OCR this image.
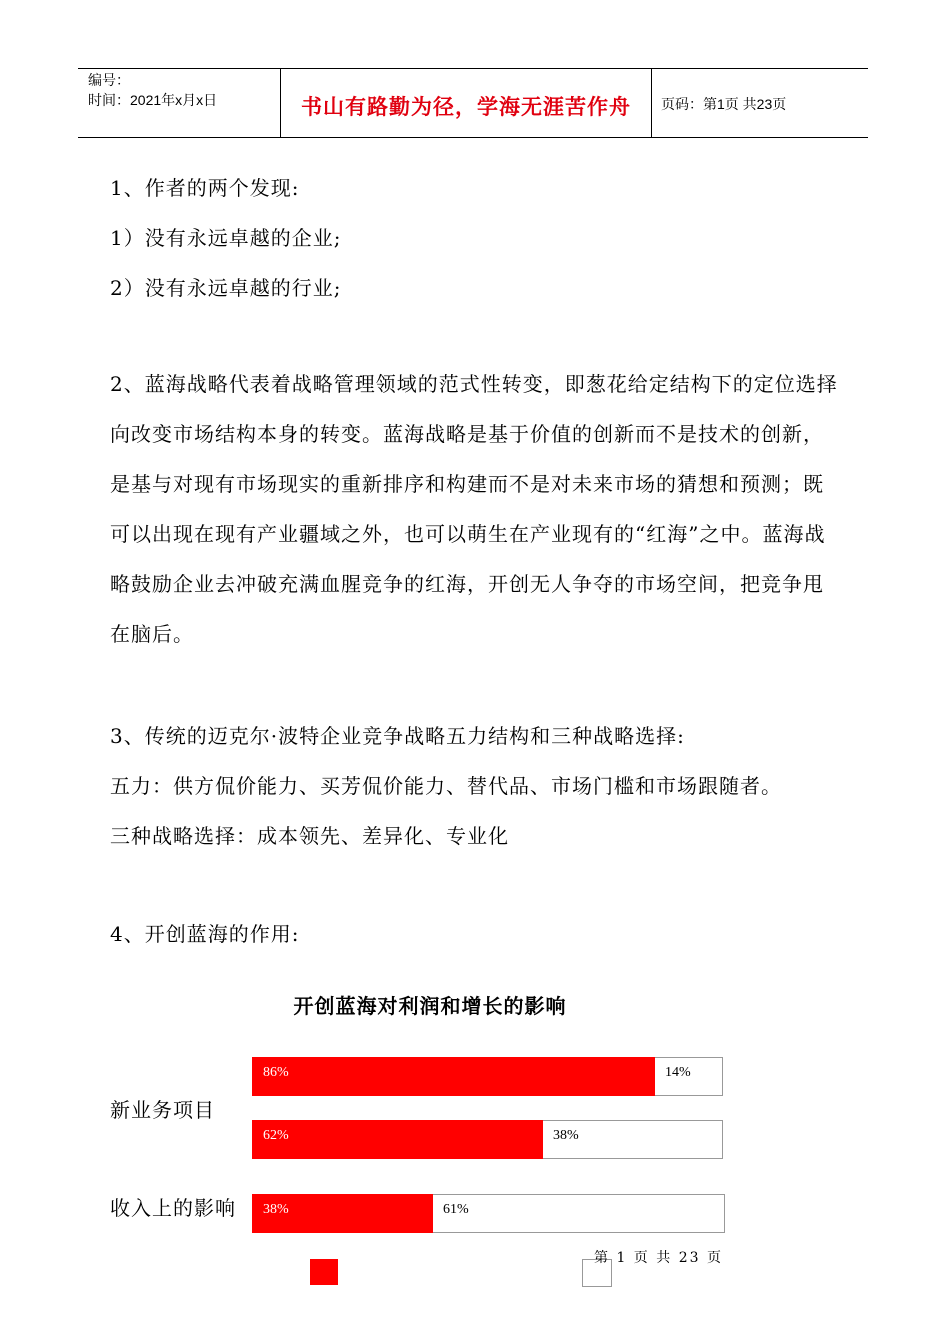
编号：
时间：2021年x月x日	书山有路勤为径，学海无涯苦作舟	页码：第1页 共23页
1、作者的两个发现:
1）没有永远卓越的企业;
2）没有永远卓越的行业;
2、蓝海战略代表着战略管理领域的范式性转变，即葱花给定结构下的定位选择向改变市场结构本身的转变。蓝海战略是基于价值的创新而不是技术的创新，是基与对现有市场现实的重新排序和构建而不是对未来市场的猜想和预测；既可以出现在现有产业疆域之外，也可以萌生在产业现有的“红海”之中。蓝海战略鼓励企业去冲破充满血腥竞争的红海，开创无人争夺的市场空间，把竞争甩在脑后。
3、传统的迈克尔·波特企业竞争战略五力结构和三种战略选择:
五力：供方侃价能力、买芳侃价能力、替代品、市场门槛和市场跟随者。
三种战略选择：成本领先、差异化、专业化
4、开创蓝海的作用:
开创蓝海对利润和增长的影响
新业务项目
收入上的影响
86%	14%
62%	38%
38%	61%
第 1 页 共 23 页
